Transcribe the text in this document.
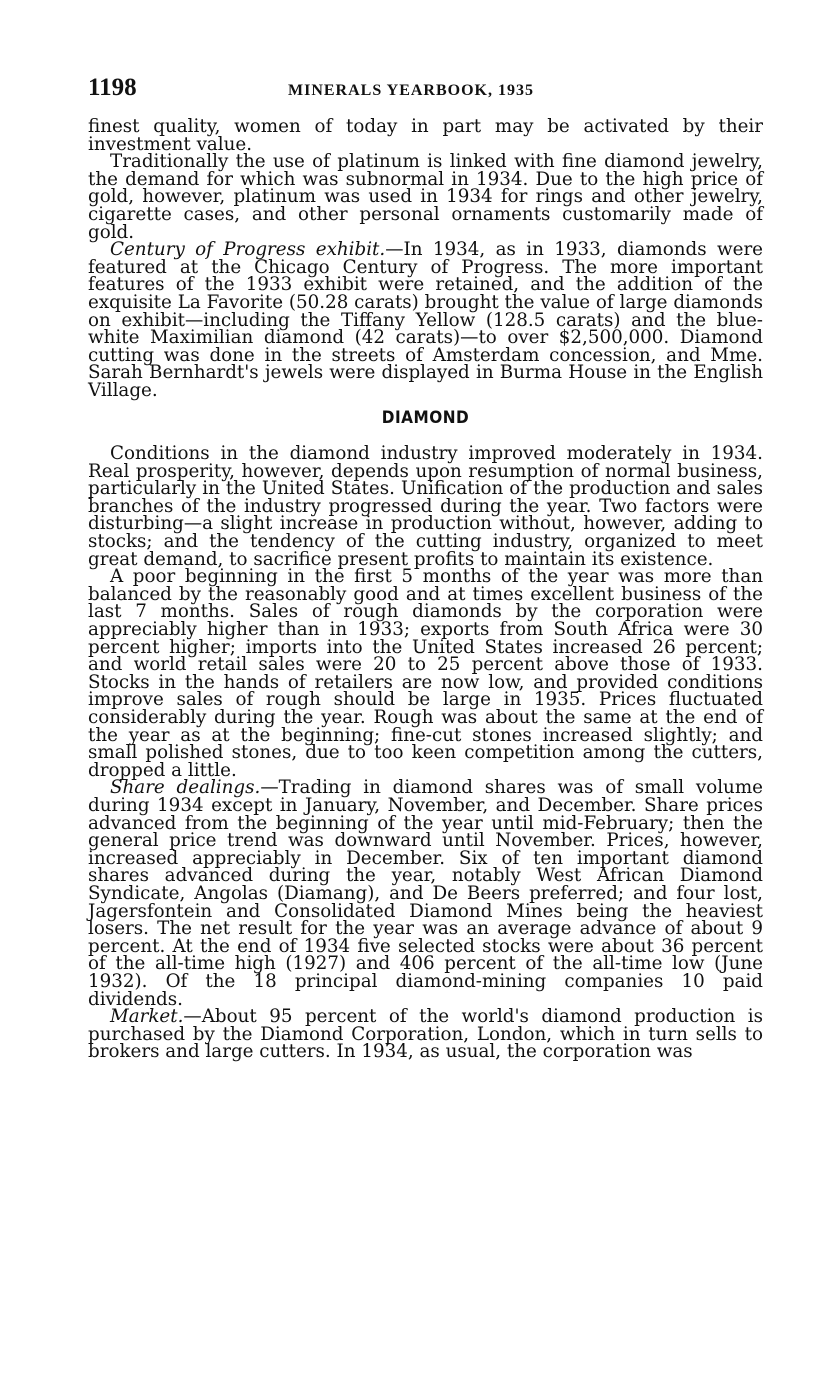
1198	MINERALS YEARBOOK, 1935

finest quality, women of today in part may be activated by their investment value.

Traditionally the use of platinum is linked with fine diamond jewelry, the demand for which was subnormal in 1934. Due to the high price of gold, however, platinum was used in 1934 for rings and other jewelry, cigarette cases, and other personal ornaments customarily made of gold.

Century of Progress exhibit.—In 1934, as in 1933, diamonds were featured at the Chicago Century of Progress. The more important features of the 1933 exhibit were retained, and the addition of the exquisite La Favorite (50.28 carats) brought the value of large diamonds on exhibit—including the Tiffany Yellow (128.5 carats) and the blue-white Maximilian diamond (42 carats)—to over $2,500,000. Diamond cutting was done in the streets of Amsterdam concession, and Mme. Sarah Bernhardt's jewels were displayed in Burma House in the English Village.

DIAMOND

Conditions in the diamond industry improved moderately in 1934. Real prosperity, however, depends upon resumption of normal business, particularly in the United States. Unification of the production and sales branches of the industry progressed during the year. Two factors were disturbing—a slight increase in production without, however, adding to stocks; and the tendency of the cutting industry, organized to meet great demand, to sacrifice present profits to maintain its existence.

A poor beginning in the first 5 months of the year was more than balanced by the reasonably good and at times excellent business of the last 7 months. Sales of rough diamonds by the corporation were appreciably higher than in 1933; exports from South Africa were 30 percent higher; imports into the United States increased 26 percent; and world retail sales were 20 to 25 percent above those of 1933. Stocks in the hands of retailers are now low, and provided conditions improve sales of rough should be large in 1935. Prices fluctuated considerably during the year. Rough was about the same at the end of the year as at the beginning; fine-cut stones increased slightly; and small polished stones, due to too keen competition among the cutters, dropped a little.

Share dealings.—Trading in diamond shares was of small volume during 1934 except in January, November, and December. Share prices advanced from the beginning of the year until mid-February; then the general price trend was downward until November. Prices, however, increased appreciably in December. Six of ten important diamond shares advanced during the year, notably West African Diamond Syndicate, Angolas (Diamang), and De Beers preferred; and four lost, Jagersfontein and Consolidated Diamond Mines being the heaviest losers. The net result for the year was an average advance of about 9 percent. At the end of 1934 five selected stocks were about 36 percent of the all-time high (1927) and 406 percent of the all-time low (June 1932). Of the 18 principal diamond-mining companies 10 paid dividends.

Market.—About 95 percent of the world's diamond production is purchased by the Diamond Corporation, London, which in turn sells to brokers and large cutters. In 1934, as usual, the corporation was
